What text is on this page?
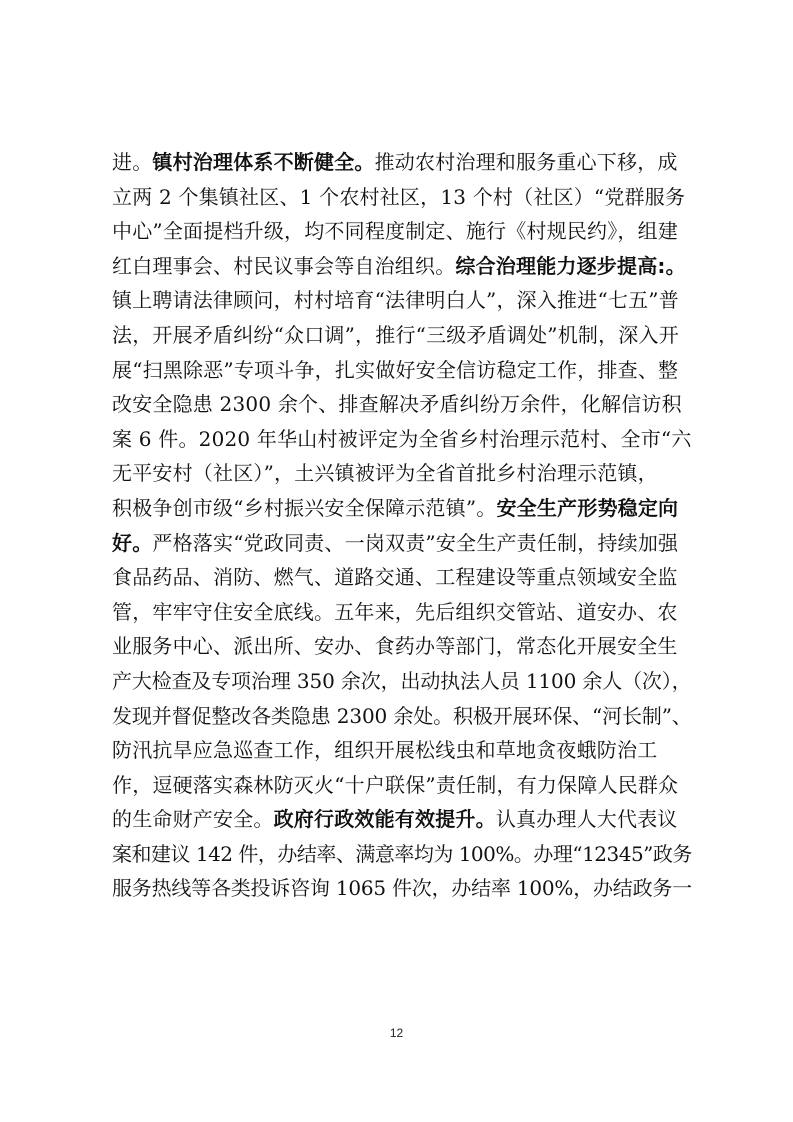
进。镇村治理体系不断健全。推动农村治理和服务重心下移，成
立两 2 个集镇社区、1 个农村社区，13 个村（社区）“党群服务
中心”全面提档升级，均不同程度制定、施行《村规民约》，组建
红白理事会、村民议事会等自治组织。综合治理能力逐步提高:。
镇上聘请法律顾问，村村培育“法律明白人”，深入推进“七五”普
法，开展矛盾纠纷“众口调”，推行“三级矛盾调处”机制，深入开
展“扫黑除恶”专项斗争，扎实做好安全信访稳定工作，排查、整
改安全隐患 2300 余个、排查解决矛盾纠纷万余件，化解信访积
案 6 件。2020 年华山村被评定为全省乡村治理示范村、全市“六
无平安村（社区）”，土兴镇被评为全省首批乡村治理示范镇，
积极争创市级“乡村振兴安全保障示范镇”。安全生产形势稳定向
好。严格落实“党政同责、一岗双责”安全生产责任制，持续加强
食品药品、消防、燃气、道路交通、工程建设等重点领域安全监
管，牢牢守住安全底线。五年来，先后组织交管站、道安办、农
业服务中心、派出所、安办、食药办等部门，常态化开展安全生
产大检查及专项治理 350 余次，出动执法人员 1100 余人（次），
发现并督促整改各类隐患 2300 余处。积极开展环保、“河长制”、
防汛抗旱应急巡查工作，组织开展松线虫和草地贪夜蛾防治工
作，逗硬落实森林防灭火“十户联保”责任制，有力保障人民群众
的生命财产安全。政府行政效能有效提升。认真办理人大代表议
案和建议 142 件，办结率、满意率均为 100%。办理“12345”政务
服务热线等各类投诉咨询 1065 件次，办结率 100%，办结政务一
12
